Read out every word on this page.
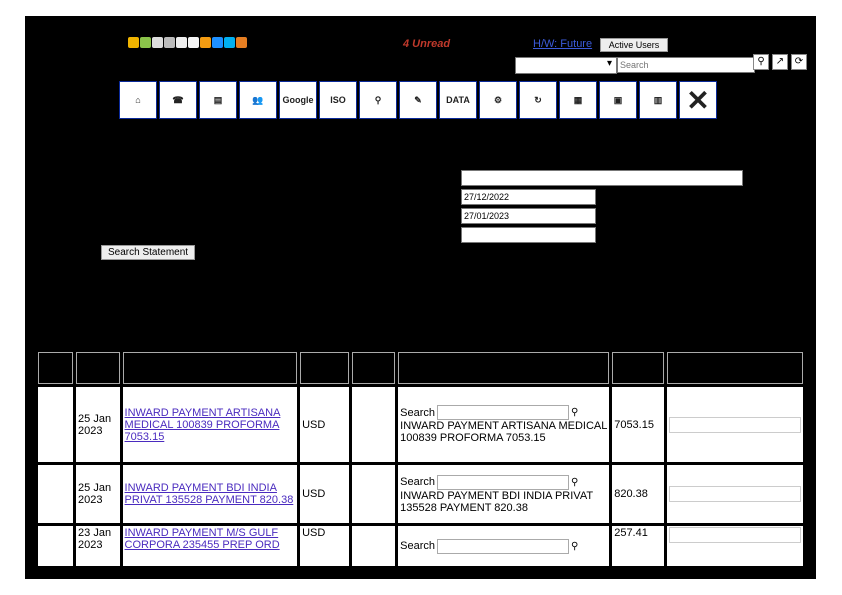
4 Unread	H/W: Future	Active Users
▾
Search
⚲	↗	⟳
⌂	☎	▤	👥	Google	ISO	⚲	✎	DATA	⚙	↻	▦	▣	▥ ✕
27/12/2022
27/01/2023
Search Statement

	25 Jan
2023	INWARD PAYMENT ARTISANA MEDICAL 100839 PROFORMA 7053.15	USD		Search ⚲
INWARD PAYMENT ARTISANA MEDICAL 100839 PROFORMA 7053.15	7053.15	

	25 Jan
2023	INWARD PAYMENT BDI INDIA PRIVAT 135528 PAYMENT 820.38	USD		Search ⚲
INWARD PAYMENT BDI INDIA PRIVAT 135528 PAYMENT 820.38	820.38	

	23 Jan
2023	INWARD PAYMENT M/S GULF CORPORA 235455 PREP ORD	USD		Search ⚲	257.41	
